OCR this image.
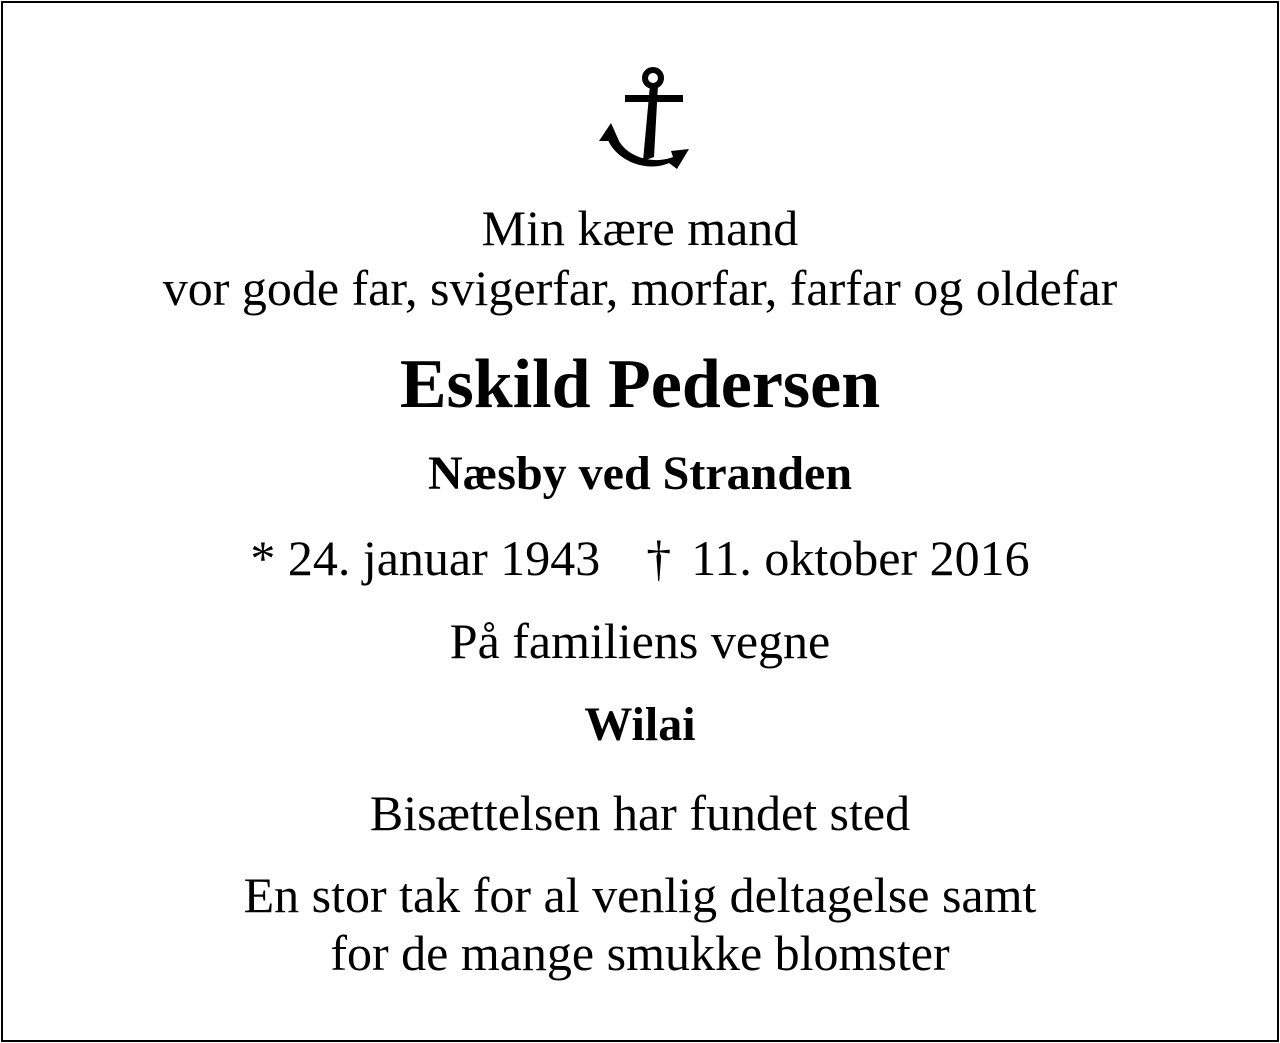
Min kære mand
vor gode far, svigerfar, morfar, farfar og oldefar
Eskild Pedersen
Næsby ved Stranden
* 24. januar 1943 † 11. oktober 2016
På familiens vegne
Wilai
Bisættelsen har fundet sted
En stor tak for al venlig deltagelse samt
for de mange smukke blomster
